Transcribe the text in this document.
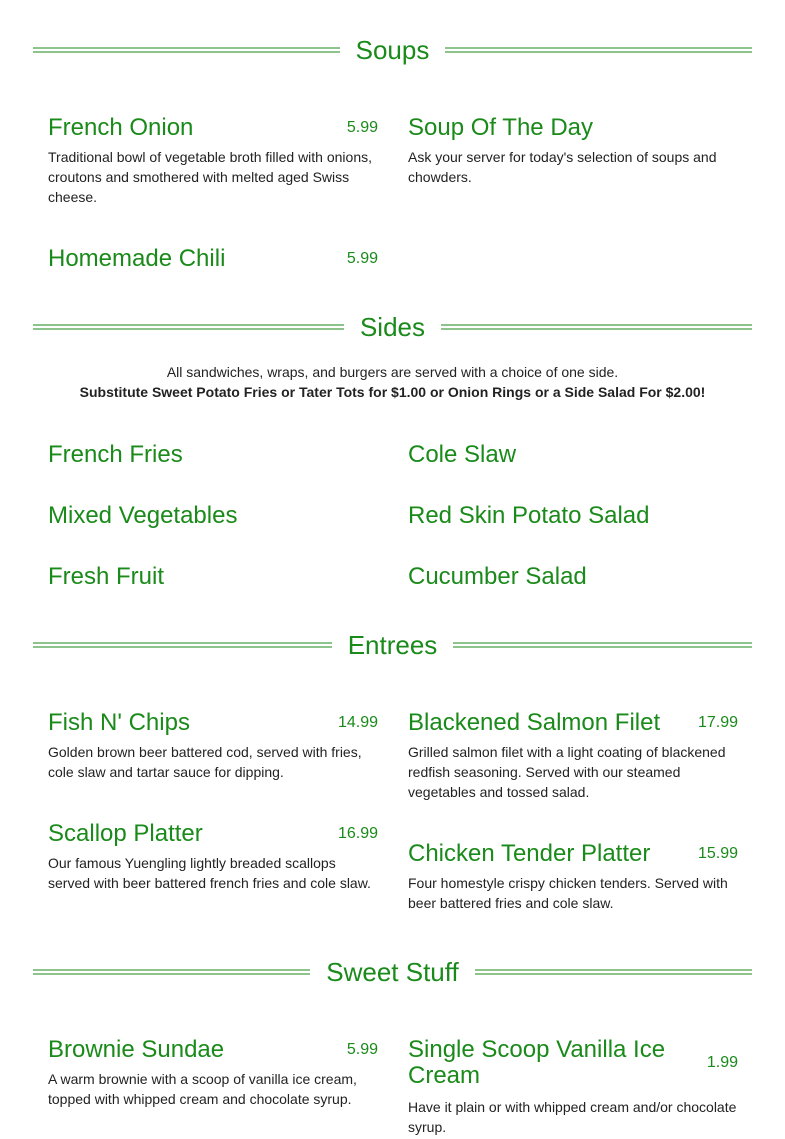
Soups
French Onion	5.99
Traditional bowl of vegetable broth filled with onions, croutons and smothered with melted aged Swiss cheese.
Soup Of The Day
Ask your server for today's selection of soups and chowders.
Homemade Chili	5.99
Sides
All sandwiches, wraps, and burgers are served with a choice of one side.
Substitute Sweet Potato Fries or Tater Tots for $1.00 or Onion Rings or a Side Salad For $2.00!
French Fries	Cole Slaw
Mixed Vegetables	Red Skin Potato Salad
Fresh Fruit	Cucumber Salad
Entrees
Fish N' Chips	14.99
Golden brown beer battered cod, served with fries, cole slaw and tartar sauce for dipping.
Blackened Salmon Filet	17.99
Grilled salmon filet with a light coating of blackened redfish seasoning. Served with our steamed vegetables and tossed salad.
Scallop Platter	16.99
Our famous Yuengling lightly breaded scallops served with beer battered french fries and cole slaw.
Chicken Tender Platter	15.99
Four homestyle crispy chicken tenders. Served with beer battered fries and cole slaw.
Sweet Stuff
Brownie Sundae	5.99
A warm brownie with a scoop of vanilla ice cream, topped with whipped cream and chocolate syrup.
Single Scoop Vanilla Ice Cream	1.99
Have it plain or with whipped cream and/or chocolate syrup.
